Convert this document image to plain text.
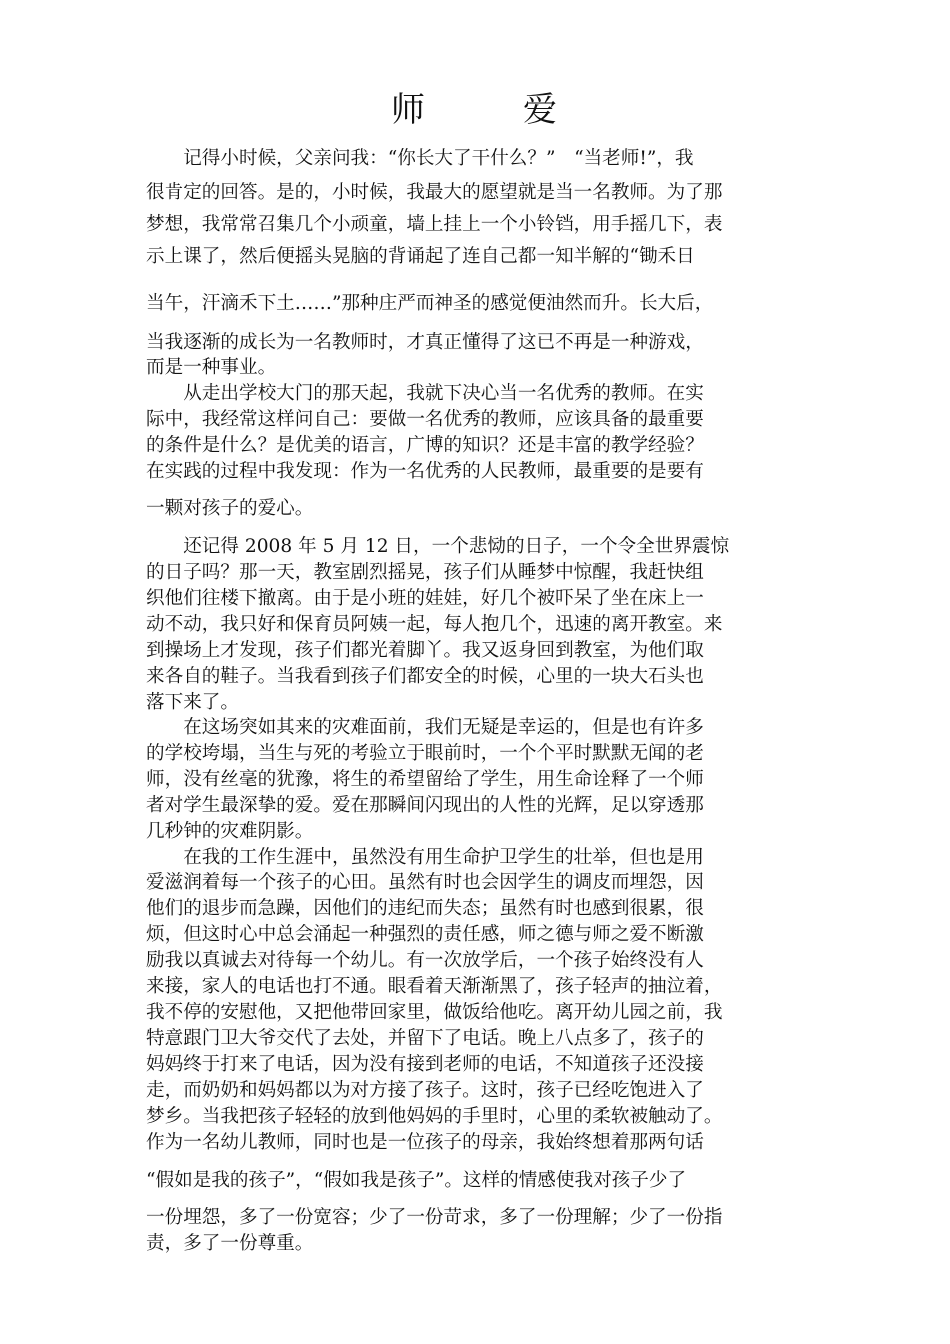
师	爱
　　记得小时候，父亲问我：“你长大了干什么？”　“当老师!”，我
很肯定的回答。是的，小时候，我最大的愿望就是当一名教师。为了那
梦想，我常常召集几个小顽童，墙上挂上一个小铃铛，用手摇几下，表
示上课了，然后便摇头晃脑的背诵起了连自己都一知半解的“锄禾日
当午，汗滴禾下土……”那种庄严而神圣的感觉便油然而升。长大后，
当我逐渐的成长为一名教师时，才真正懂得了这已不再是一种游戏，
而是一种事业。
　　从走出学校大门的那天起，我就下决心当一名优秀的教师。在实
际中，我经常这样问自己：要做一名优秀的教师，应该具备的最重要
的条件是什么？是优美的语言，广博的知识？还是丰富的教学经验？
在实践的过程中我发现：作为一名优秀的人民教师，最重要的是要有
一颗对孩子的爱心。
　　还记得 2008 年 5 月 12 日，一个悲恸的日子，一个令全世界震惊
的日子吗？那一天，教室剧烈摇晃，孩子们从睡梦中惊醒，我赶快组
织他们往楼下撤离。由于是小班的娃娃，好几个被吓呆了坐在床上一
动不动，我只好和保育员阿姨一起，每人抱几个，迅速的离开教室。来
到操场上才发现，孩子们都光着脚丫。我又返身回到教室，为他们取
来各自的鞋子。当我看到孩子们都安全的时候，心里的一块大石头也
落下来了。
　　在这场突如其来的灾难面前，我们无疑是幸运的，但是也有许多
的学校垮塌，当生与死的考验立于眼前时，一个个平时默默无闻的老
师，没有丝毫的犹豫，将生的希望留给了学生，用生命诠释了一个师
者对学生最深挚的爱。爱在那瞬间闪现出的人性的光辉，足以穿透那
几秒钟的灾难阴影。
　　在我的工作生涯中，虽然没有用生命护卫学生的壮举，但也是用
爱滋润着每一个孩子的心田。虽然有时也会因学生的调皮而埋怨，因
他们的退步而急躁，因他们的违纪而失态；虽然有时也感到很累，很
烦，但这时心中总会涌起一种强烈的责任感，师之德与师之爱不断激
励我以真诚去对待每一个幼儿。有一次放学后，一个孩子始终没有人
来接，家人的电话也打不通。眼看着天渐渐黑了，孩子轻声的抽泣着，
我不停的安慰他，又把他带回家里，做饭给他吃。离开幼儿园之前，我
特意跟门卫大爷交代了去处，并留下了电话。晚上八点多了，孩子的
妈妈终于打来了电话，因为没有接到老师的电话，不知道孩子还没接
走，而奶奶和妈妈都以为对方接了孩子。这时，孩子已经吃饱进入了
梦乡。当我把孩子轻轻的放到他妈妈的手里时，心里的柔软被触动了。
作为一名幼儿教师，同时也是一位孩子的母亲，我始终想着那两句话
“假如是我的孩子”，“假如我是孩子”。这样的情感使我对孩子少了
一份埋怨，多了一份宽容；少了一份苛求，多了一份理解；少了一份指
责，多了一份尊重。
